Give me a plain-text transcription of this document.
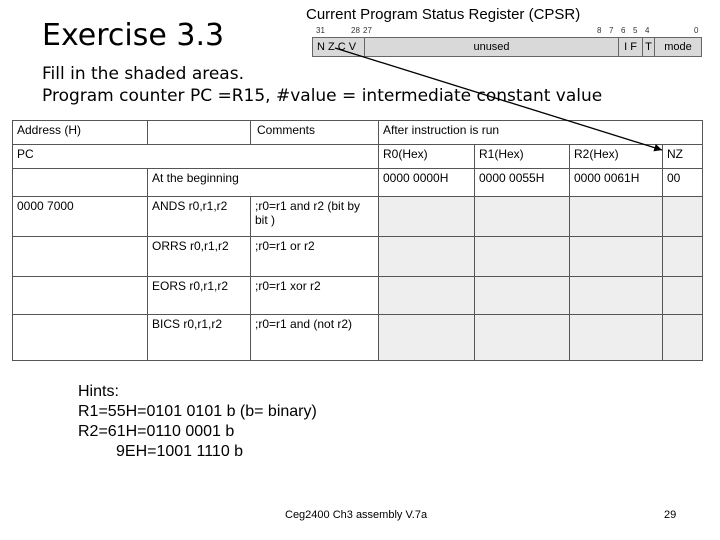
Exercise 3.3
Fill in the shaded areas.
Program counter PC =R15, #value = intermediate constant value
Current Program Status Register (CPSR)
31	28 27	8 7 6 5 4	0
N Z C V	unused	I F T	mode
Address (H)		Comments	After instruction is run			
PC			R0(Hex)	R1(Hex)	R2(Hex)	NZ
	At the beginning		0000 0000H	0000 0055H	0000 0061H	00
0000 7000	ANDS r0,r1,r2	;r0=r1 and r2 (bit by bit )				
	ORRS r0,r1,r2	;r0=r1 or r2				
	EORS r0,r1,r2	;r0=r1 xor r2				
	BICS r0,r1,r2	;r0=r1 and (not r2)				
Hints:
R1=55H=0101 0101 b (b= binary)
R2=61H=0110 0001 b
9EH=1001 1110 b
Ceg2400 Ch3 assembly V.7a	29
